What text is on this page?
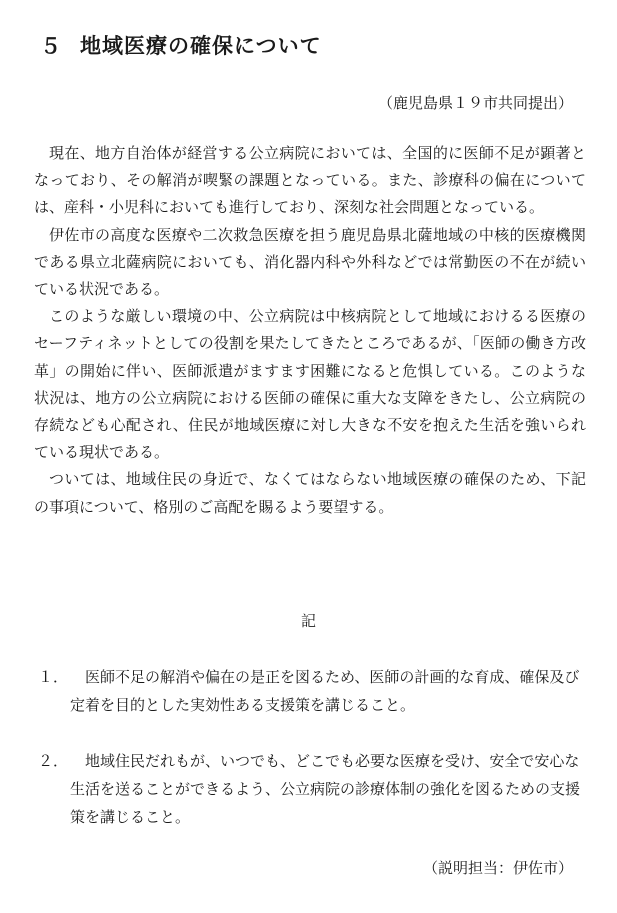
５ 地域医療の確保について
（鹿児島県１９市共同提出）

現在、地方自治体が経営する公立病院においては、全国的に医師不足が顕著となっており、その解消が喫緊の課題となっている。また、診療科の偏在については、産科・小児科においても進行しており、深刻な社会問題となっている。

伊佐市の高度な医療や二次救急医療を担う鹿児島県北薩地域の中核的医療機関である県立北薩病院においても、消化器内科や外科などでは常勤医の不在が続いている状況である。

このような厳しい環境の中、公立病院は中核病院として地域におけるる医療のセーフティネットとしての役割を果たしてきたところであるが、「医師の働き方改革」の開始に伴い、医師派遣がますます困難になると危惧している。このような状況は、地方の公立病院における医師の確保に重大な支障をきたし、公立病院の存続なども心配され、住民が地域医療に対し大きな不安を抱えた生活を強いられている現状である。

ついては、地域住民の身近で、なくてはならない地域医療の確保のため、下記の事項について、格別のご高配を賜るよう要望する。

記
１．	医師不足の解消や偏在の是正を図るため、医師の計画的な育成、確保及び定着を目的とした実効性ある支援策を講じること。
２．	地域住民だれもが、いつでも、どこでも必要な医療を受け、安全で安心な生活を送ることができるよう、公立病院の診療体制の強化を図るための支援策を講じること。
（説明担当：伊佐市）
